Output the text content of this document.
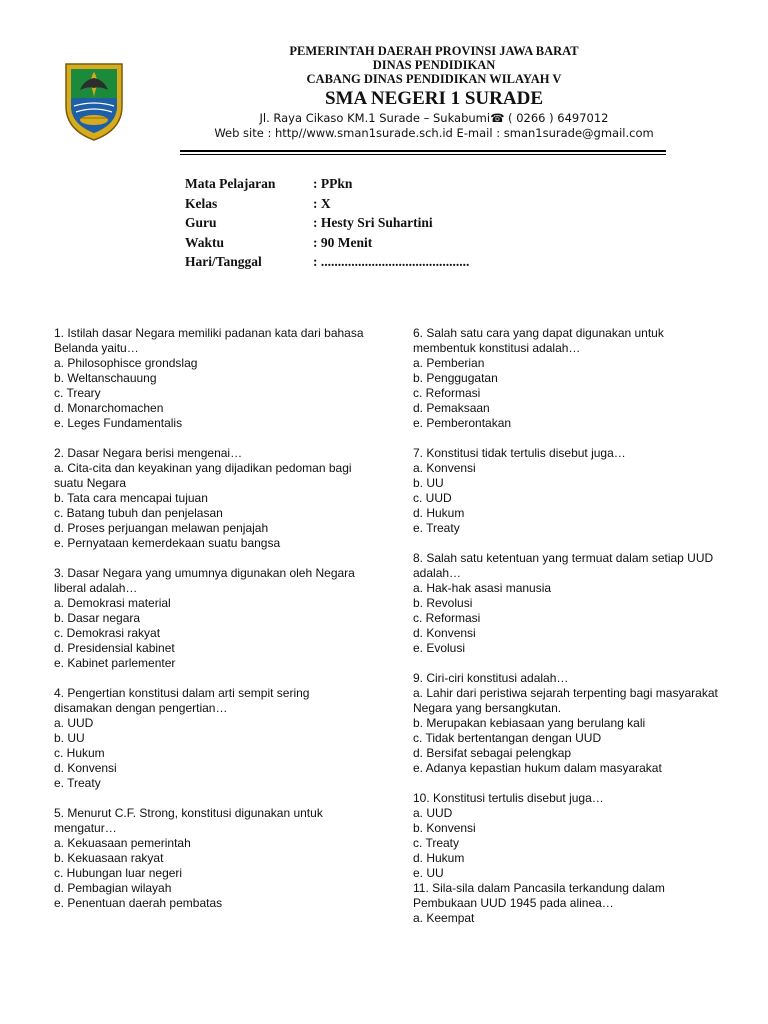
PEMERINTAH DAERAH PROVINSI JAWA BARAT
DINAS PENDIDIKAN
CABANG DINAS PENDIDIKAN WILAYAH V
SMA NEGERI 1 SURADE
Jl. Raya Cikaso KM.1 Surade – Sukabumi☎ ( 0266 ) 6497012
Web site : http//www.sman1surade.sch.id E-mail : sman1surade@gmail.com
Mata Pelajaran	: PPkn
Kelas	: X
Guru	: Hesty Sri Suhartini
Waktu	: 90 Menit
Hari/Tanggal	: ............................................
1. Istilah dasar Negara memiliki padanan kata dari bahasa Belanda yaitu…
a. Philosophisce grondslag
b. Weltanschauung
c. Treary
d. Monarchomachen
e. Leges Fundamentalis
2. Dasar Negara berisi mengenai…
a. Cita-cita dan keyakinan yang dijadikan pedoman bagi suatu Negara
b. Tata cara mencapai tujuan
c. Batang tubuh dan penjelasan
d. Proses perjuangan melawan penjajah
e. Pernyataan kemerdekaan suatu bangsa
3. Dasar Negara yang umumnya digunakan oleh Negara liberal adalah…
a. Demokrasi material
b. Dasar negara
c. Demokrasi rakyat
d. Presidensial kabinet
e. Kabinet parlementer
4. Pengertian konstitusi dalam arti sempit sering disamakan dengan pengertian…
a. UUD
b. UU
c. Hukum
d. Konvensi
e. Treaty
5. Menurut C.F. Strong, konstitusi digunakan untuk mengatur…
a. Kekuasaan pemerintah
b. Kekuasaan rakyat
c. Hubungan luar negeri
d. Pembagian wilayah
e. Penentuan daerah pembatas
6. Salah satu cara yang dapat digunakan untuk membentuk konstitusi adalah…
a. Pemberian
b. Penggugatan
c. Reformasi
d. Pemaksaan
e. Pemberontakan
7. Konstitusi tidak tertulis disebut juga…
a. Konvensi
b. UU
c. UUD
d. Hukum
e. Treaty
8. Salah satu ketentuan yang termuat dalam setiap UUD adalah…
a. Hak-hak asasi manusia
b. Revolusi
c. Reformasi
d. Konvensi
e. Evolusi
9. Ciri-ciri konstitusi adalah…
a. Lahir dari peristiwa sejarah terpenting bagi masyarakat Negara yang bersangkutan.
b. Merupakan kebiasaan yang berulang kali
c. Tidak bertentangan dengan UUD
d. Bersifat sebagai pelengkap
e. Adanya kepastian hukum dalam masyarakat
10. Konstitusi tertulis disebut juga…
a. UUD
b. Konvensi
c. Treaty
d. Hukum
e. UU
11. Sila-sila dalam Pancasila terkandung dalam Pembukaan UUD 1945 pada alinea…
a. Keempat
